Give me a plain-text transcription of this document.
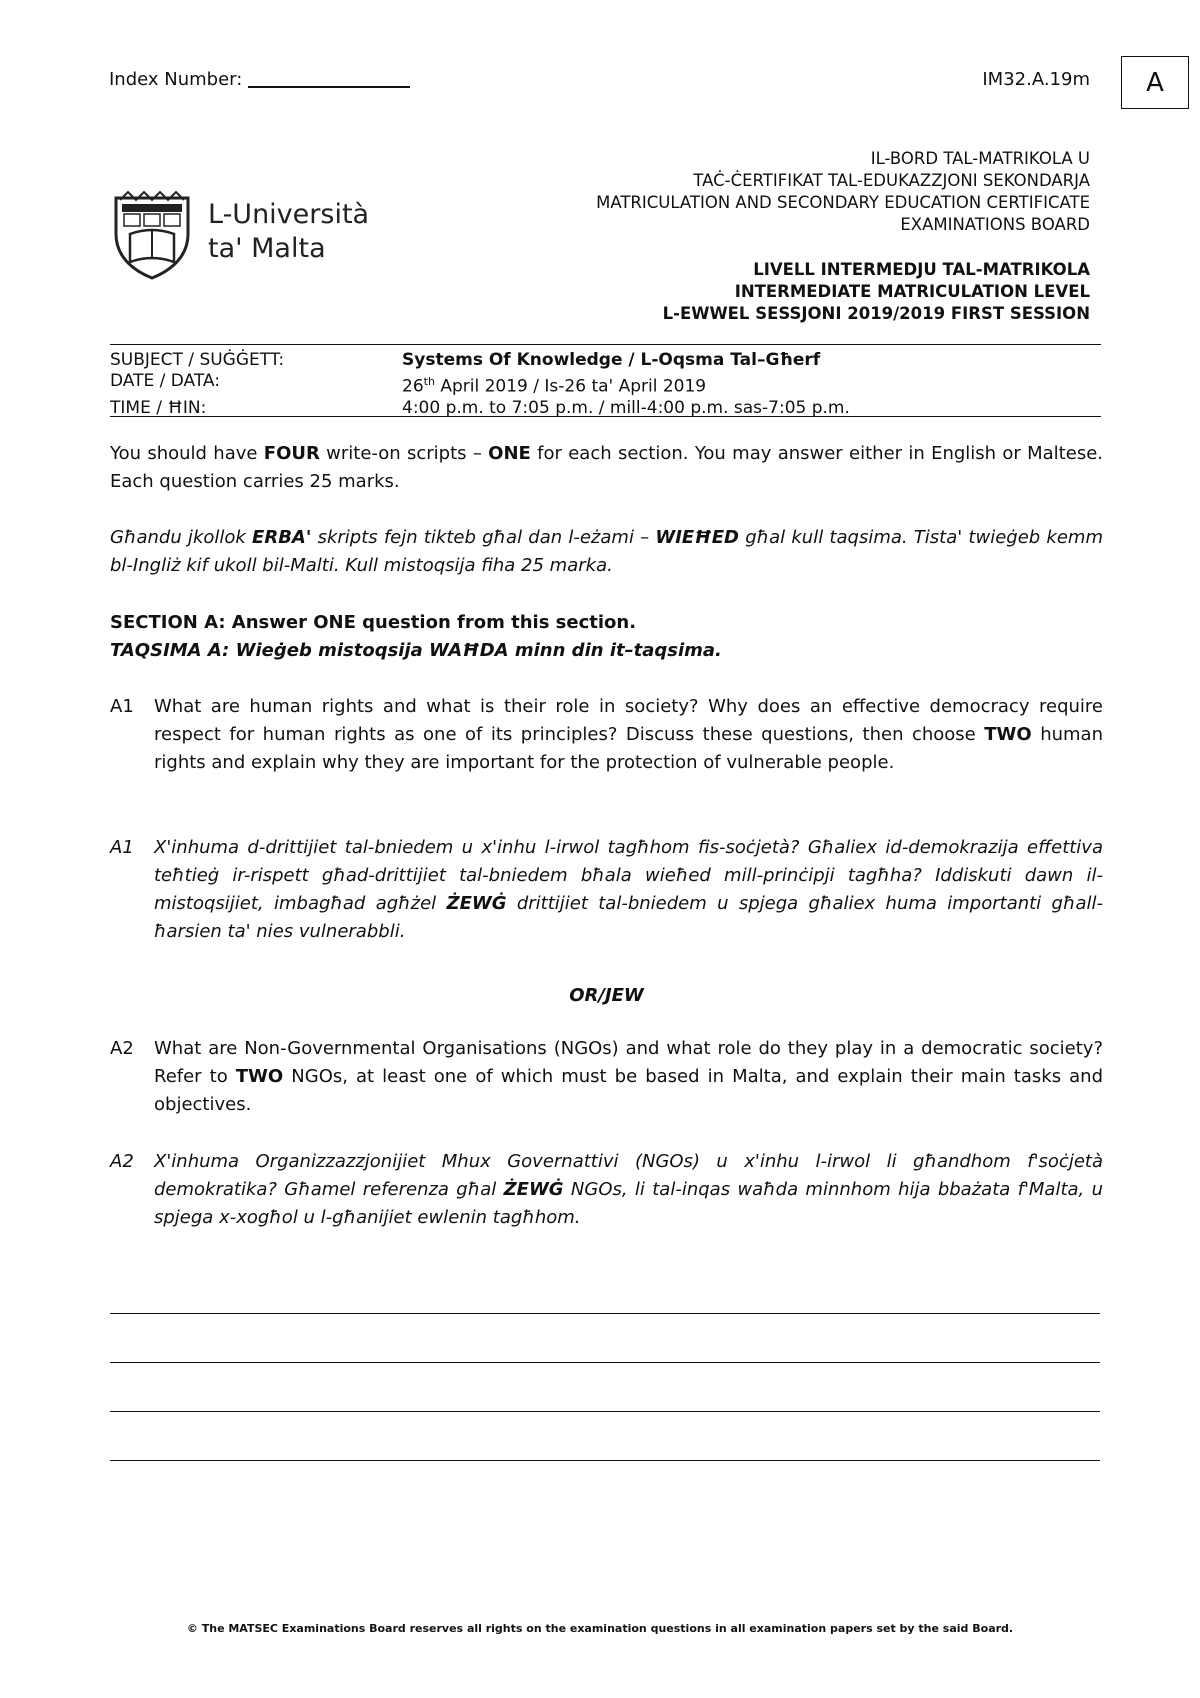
Index Number:	IM32.A.19m	A
L-Università
ta' Malta
IL-BORD TAL-MATRIKOLA U
TAĊ-ĊERTIFIKAT TAL-EDUKAZZJONI SEKONDARJA
MATRICULATION AND SECONDARY EDUCATION CERTIFICATE
EXAMINATIONS BOARD
LIVELL INTERMEDJU TAL-MATRIKOLA
INTERMEDIATE MATRICULATION LEVEL
L-EWWEL SESSJONI 2019/2019 FIRST SESSION
SUBJECT / SUĠĠETT:	Systems Of Knowledge / L-Oqsma Tal–Għerf
DATE / DATA:	26th April 2019 / Is-26 ta' April 2019
TIME / ĦIN:	4:00 p.m. to 7:05 p.m. / mill-4:00 p.m. sas-7:05 p.m.
You should have FOUR write-on scripts – ONE for each section. You may answer either in English or Maltese. Each question carries 25 marks.
Għandu jkollok ERBA' skripts fejn tikteb għal dan l-eżami – WIEĦED għal kull taqsima. Tista' twieġeb kemm bl-Ingliż kif ukoll bil-Malti. Kull mistoqsija fiha 25 marka.
SECTION A: Answer ONE question from this section.
TAQSIMA A: Wieġeb mistoqsija WAĦDA minn din it–taqsima.
A1	What are human rights and what is their role in society? Why does an effective democracy require respect for human rights as one of its principles? Discuss these questions, then choose TWO human rights and explain why they are important for the protection of vulnerable people.
A1	X'inhuma d-drittijiet tal-bniedem u x'inhu l-irwol tagħhom fis-soċjetà? Għaliex id-demokrazija effettiva teħtieġ ir-rispett għad-drittijiet tal-bniedem bħala wieħed mill-prinċipji tagħha? Iddiskuti dawn il-mistoqsijiet, imbagħad agħżel ŻEWĠ drittijiet tal-bniedem u spjega għaliex huma importanti għall-ħarsien ta' nies vulnerabbli.
OR/JEW
A2	What are Non-Governmental Organisations (NGOs) and what role do they play in a democratic society? Refer to TWO NGOs, at least one of which must be based in Malta, and explain their main tasks and objectives.
A2	X'inhuma Organizzazzjonijiet Mhux Governattivi (NGOs) u x'inhu l-irwol li għandhom f'soċjetà demokratika? Għamel referenza għal ŻEWĠ NGOs, li tal-inqas waħda minnhom hija bbażata f'Malta, u spjega x-xogħol u l-għanijiet ewlenin tagħhom.
© The MATSEC Examinations Board reserves all rights on the examination questions in all examination papers set by the said Board.
